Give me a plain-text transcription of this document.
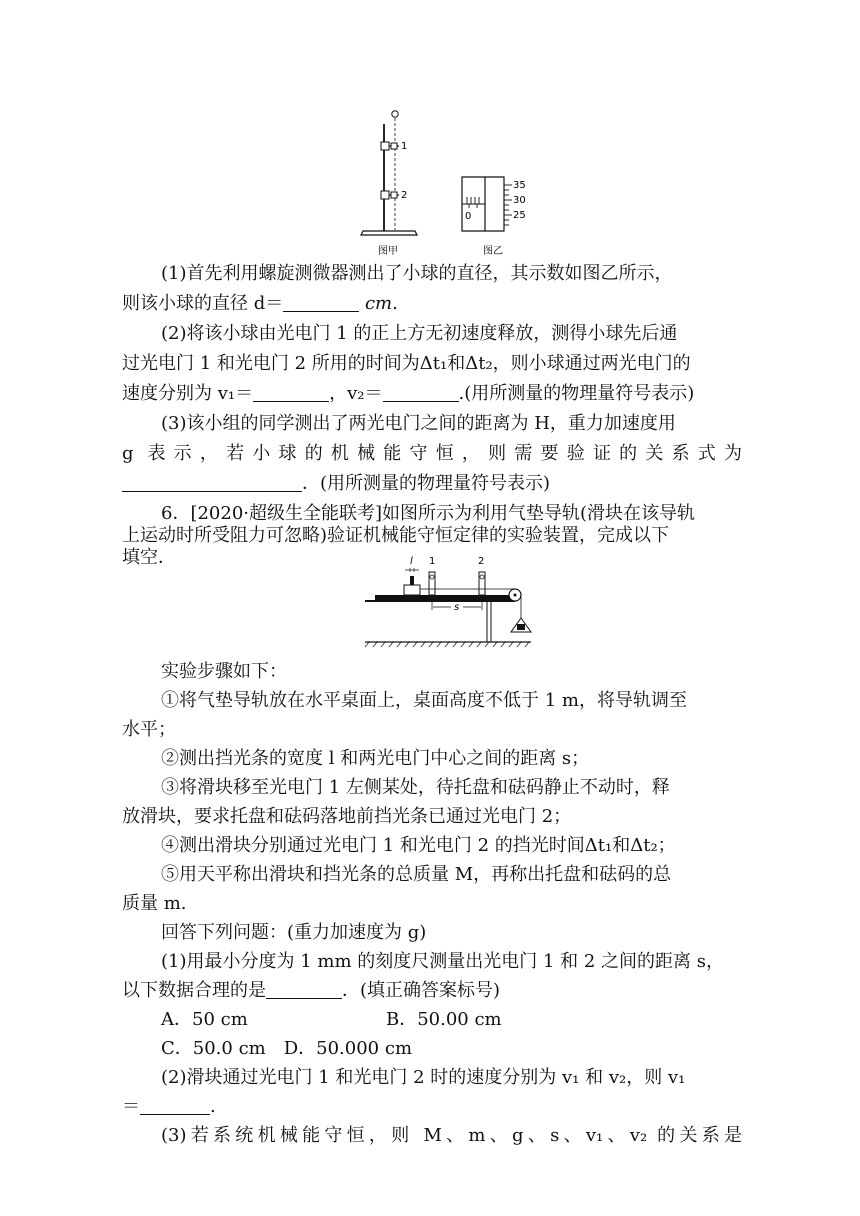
1
2
图甲
0
35
30
25
图乙
(1)首先利用螺旋测微器测出了小球的直径，其示数如图乙所示，
则该小球的直径 d＝	cm.
(2)将该小球由光电门 1 的正上方无初速度释放，测得小球先后通
过光电门 1 和光电门 2 所用的时间为Δt₁和Δt₂，则小球通过两光电门的
速度分别为 v₁＝	，v₂＝	.(用所测量的物理量符号表示)
(3)该小组的同学测出了两光电门之间的距离为 H，重力加速度用
g 表示，若小球的机械能守恒，则需要验证的关系式为
．(用所测量的物理量符号表示)
6．[2020·超级生全能联考]如图所示为利用气垫导轨(滑块在该导轨
上运动时所受阻力可忽略)验证机械能守恒定律的实验装置，完成以下
填空．	l 1	2
s
实验步骤如下：
①将气垫导轨放在水平桌面上，桌面高度不低于 1 m，将导轨调至
水平；
②测出挡光条的宽度 l 和两光电门中心之间的距离 s；
③将滑块移至光电门 1 左侧某处，待托盘和砝码静止不动时，释
放滑块，要求托盘和砝码落地前挡光条已通过光电门 2；
④测出滑块分别通过光电门 1 和光电门 2 的挡光时间Δt₁和Δt₂；
⑤用天平称出滑块和挡光条的总质量 M，再称出托盘和砝码的总
质量 m.
回答下列问题：(重力加速度为 g)
(1)用最小分度为 1 mm 的刻度尺测量出光电门 1 和 2 之间的距离 s，
以下数据合理的是	．(填正确答案标号)
A．50 cm	B．50.00 cm
C．50.0 cm　D．50.000 cm
(2)滑块通过光电门 1 和光电门 2 时的速度分别为 v₁ 和 v₂，则 v₁
＝	.
(3)若系统机械能守恒，则 M、m、g、s、v₁、v₂ 的关系是
